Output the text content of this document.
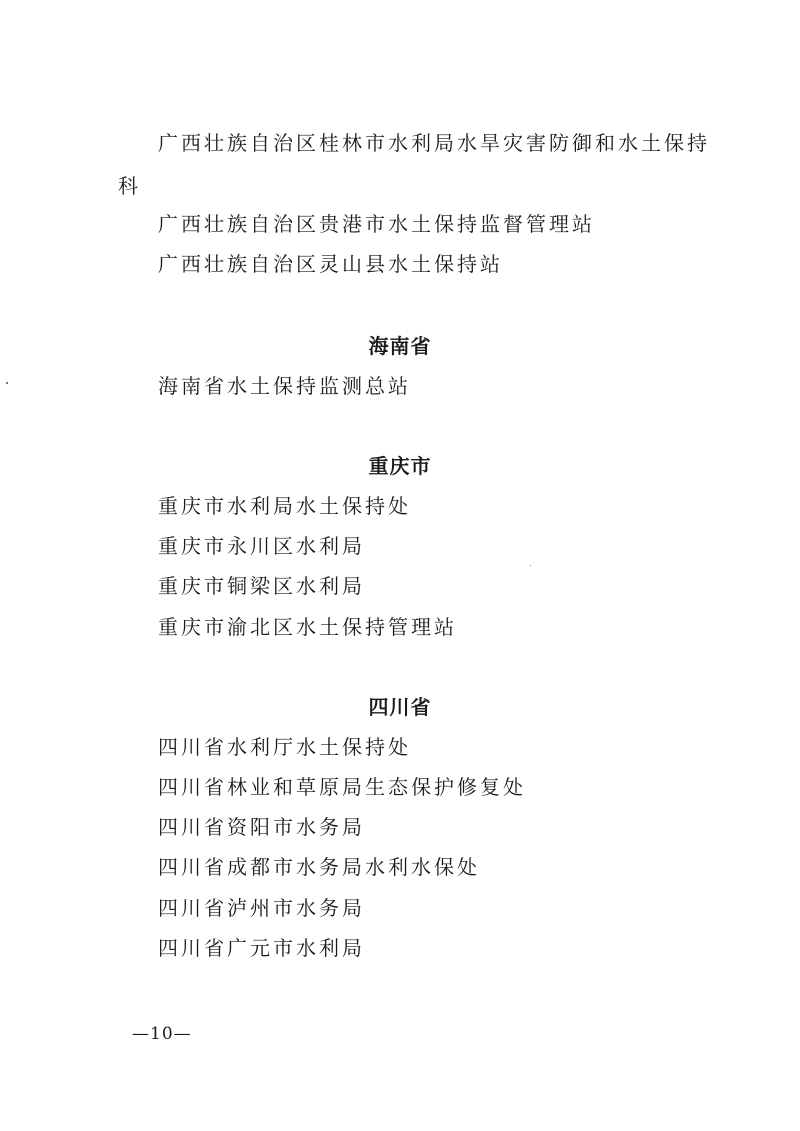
广西壮族自治区桂林市水利局水旱灾害防御和水土保持
科
广西壮族自治区贵港市水土保持监督管理站
广西壮族自治区灵山县水土保持站
海南省
海南省水土保持监测总站
重庆市
重庆市水利局水土保持处
重庆市永川区水利局
重庆市铜梁区水利局
重庆市渝北区水土保持管理站
四川省
四川省水利厅水土保持处
四川省林业和草原局生态保护修复处
四川省资阳市水务局
四川省成都市水务局水利水保处
四川省泸州市水务局
四川省广元市水利局
—10—
